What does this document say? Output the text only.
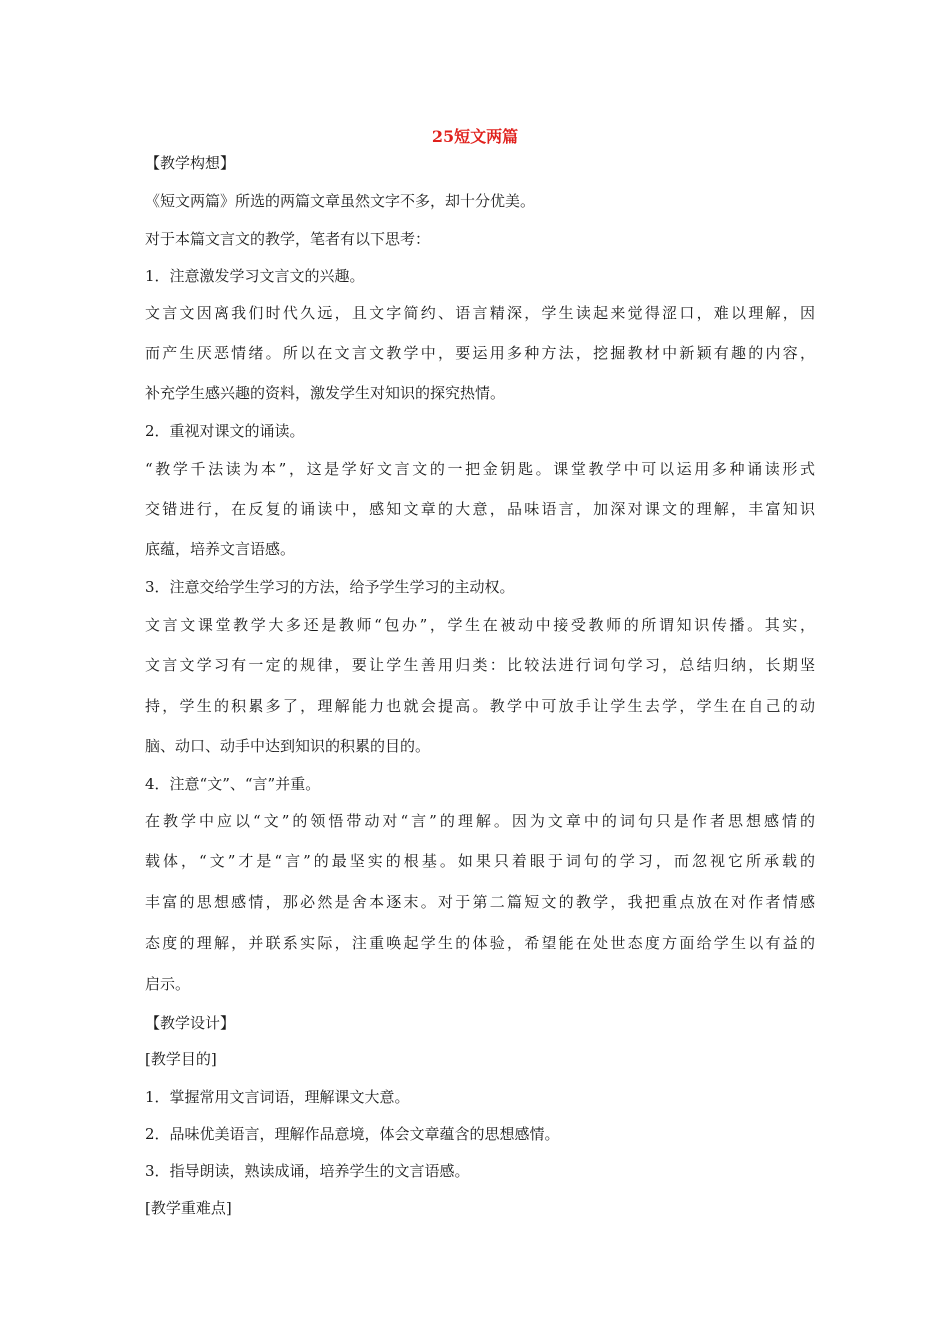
25短文两篇
【教学构想】
《短文两篇》所选的两篇文章虽然文字不多，却十分优美。
对于本篇文言文的教学，笔者有以下思考：
1．注意激发学习文言文的兴趣。
文言文因离我们时代久远，且文字简约、语言精深，学生读起来觉得涩口，难以理解，因
而产生厌恶情绪。所以在文言文教学中，要运用多种方法，挖掘教材中新颖有趣的内容，
补充学生感兴趣的资料，激发学生对知识的探究热情。
2．重视对课文的诵读。
“教学千法读为本”，这是学好文言文的一把金钥匙。课堂教学中可以运用多种诵读形式
交错进行，在反复的诵读中，感知文章的大意，品味语言，加深对课文的理解，丰富知识
底蕴，培养文言语感。
3．注意交给学生学习的方法，给予学生学习的主动权。
文言文课堂教学大多还是教师“包办”，学生在被动中接受教师的所谓知识传播。其实，
文言文学习有一定的规律，要让学生善用归类：比较法进行词句学习，总结归纳，长期坚
持，学生的积累多了，理解能力也就会提高。教学中可放手让学生去学，学生在自己的动
脑、动口、动手中达到知识的积累的目的。
4．注意“文”、“言”并重。
在教学中应以“文”的领悟带动对“言”的理解。因为文章中的词句只是作者思想感情的
载体，“文”才是“言”的最坚实的根基。如果只着眼于词句的学习，而忽视它所承载的
丰富的思想感情，那必然是舍本逐末。对于第二篇短文的教学，我把重点放在对作者情感
态度的理解，并联系实际，注重唤起学生的体验，希望能在处世态度方面给学生以有益的
启示。
【教学设计】
[教学目的]
1．掌握常用文言词语，理解课文大意。
2．品味优美语言，理解作品意境，体会文章蕴含的思想感情。
3．指导朗读，熟读成诵，培养学生的文言语感。
[教学重难点]
